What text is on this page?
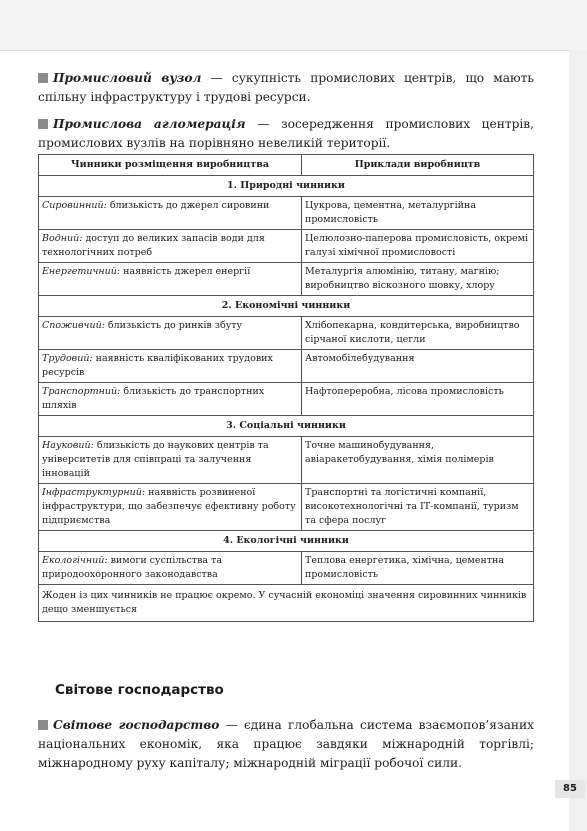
Промисловий вузол — сукупність промислових центрів, що мають спільну інфраструктуру і трудові ресурси.

Промислова агломерація — зосередження промислових центрів, промислових вузлів на порівняно невеликій території.

Чинники розміщення виробництва	Приклади виробництв
1. Природні чинники	
Сировинний: близькість до джерел сировини	Цукрова, цементна, металургійна промисловість
Водний: доступ до великих запасів води для технологічних потреб	Целюлозно-паперова промисловість, окремі галузі хімічної промисловості
Енергетичний: наявність джерел енергії	Металургія алюмінію, титану, магнію; виробництво віскозного шовку, хлору
2. Економічні чинники	
Споживчий: близькість до ринків збуту	Хлібопекарна, кондитерська, виробництво сірчаної кислоти, цегли
Трудовий: наявність кваліфікованих трудових ресурсів	Автомобілебудування
Транспортний: близькість до транспортних шляхів	Нафтопереробна, лісова промисловість
3. Соціальні чинники	
Науковий: близькість до наукових центрів та університетів для співпраці та залучення інновацій	Точне машинобудування, авіаракетобудування, хімія полімерів
Інфраструктурний: наявність розвиненої інфраструктури, що забезпечує ефективну роботу підприємства	Транспортні та логістичні компанії, високотехнологічні та ІТ-компанії, туризм та сфера послуг
4. Екологічні чинники	
Екологічний: вимоги суспільства та природоохоронного законодавства	Теплова енергетика, хімічна, цементна промисловість
Жоден із цих чинників не працює окремо. У сучасній економіці значення сировинних чинників дещо зменшується	
Світове господарство

Світове господарство — єдина глобальна система взаємопов’язаних національних економік, яка працює завдяки міжнародній торгівлі; міжнародному руху капіталу; міжнародній міграції робочої сили.

85
